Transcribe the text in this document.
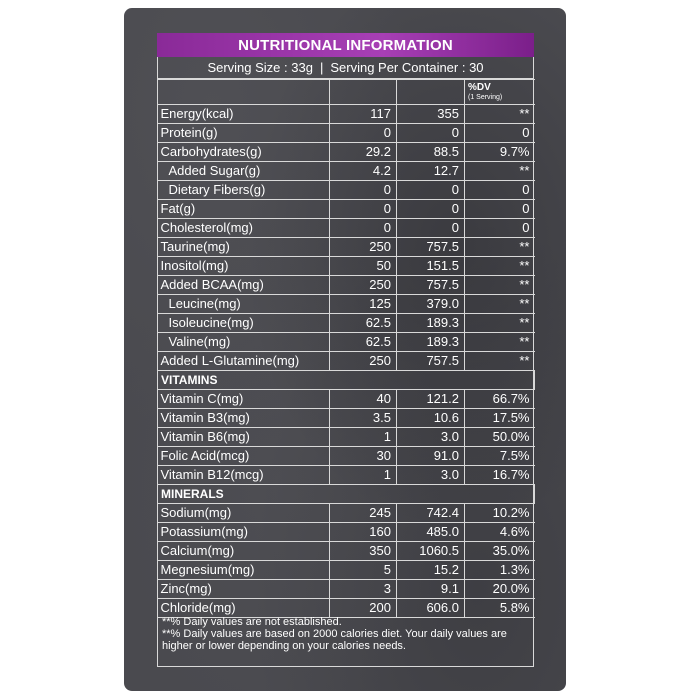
NUTRITIONAL INFORMATION
Serving Size : 33g | Serving Per Container : 30

			%DV
(1 Serving)

Energy(kcal)	117	355	**
Protein(g)	0	0	0
Carbohydrates(g)	29.2	88.5	9.7%
Added Sugar(g)	4.2	12.7	**
Dietary Fibers(g)	0	0	0
Fat(g)	0	0	0
Cholesterol(mg)	0	0	0
Taurine(mg)	250	757.5	**
Inositol(mg)	50	151.5	**
Added BCAA(mg)	250	757.5	**
Leucine(mg)	125	379.0	**
Isoleucine(mg)	62.5	189.3	**
Valine(mg)	62.5	189.3	**
Added L-Glutamine(mg)	250	757.5	**
VITAMINS			
Vitamin C(mg)	40	121.2	66.7%
Vitamin B3(mg)	3.5	10.6	17.5%
Vitamin B6(mg)	1	3.0	50.0%
Folic Acid(mcg)	30	91.0	7.5%
Vitamin B12(mcg)	1	3.0	16.7%
MINERALS			
Sodium(mg)	245	742.4	10.2%
Potassium(mg)	160	485.0	4.6%
Calcium(mg)	350	1060.5	35.0%
Megnesium(mg)	5	15.2	1.3%
Zinc(mg)	3	9.1	20.0%
Chloride(mg)	200	606.0	5.8%
**% Daily values are not established.
**% Daily values are based on 2000 calories diet. Your daily values are higher or lower depending on your calories needs.
